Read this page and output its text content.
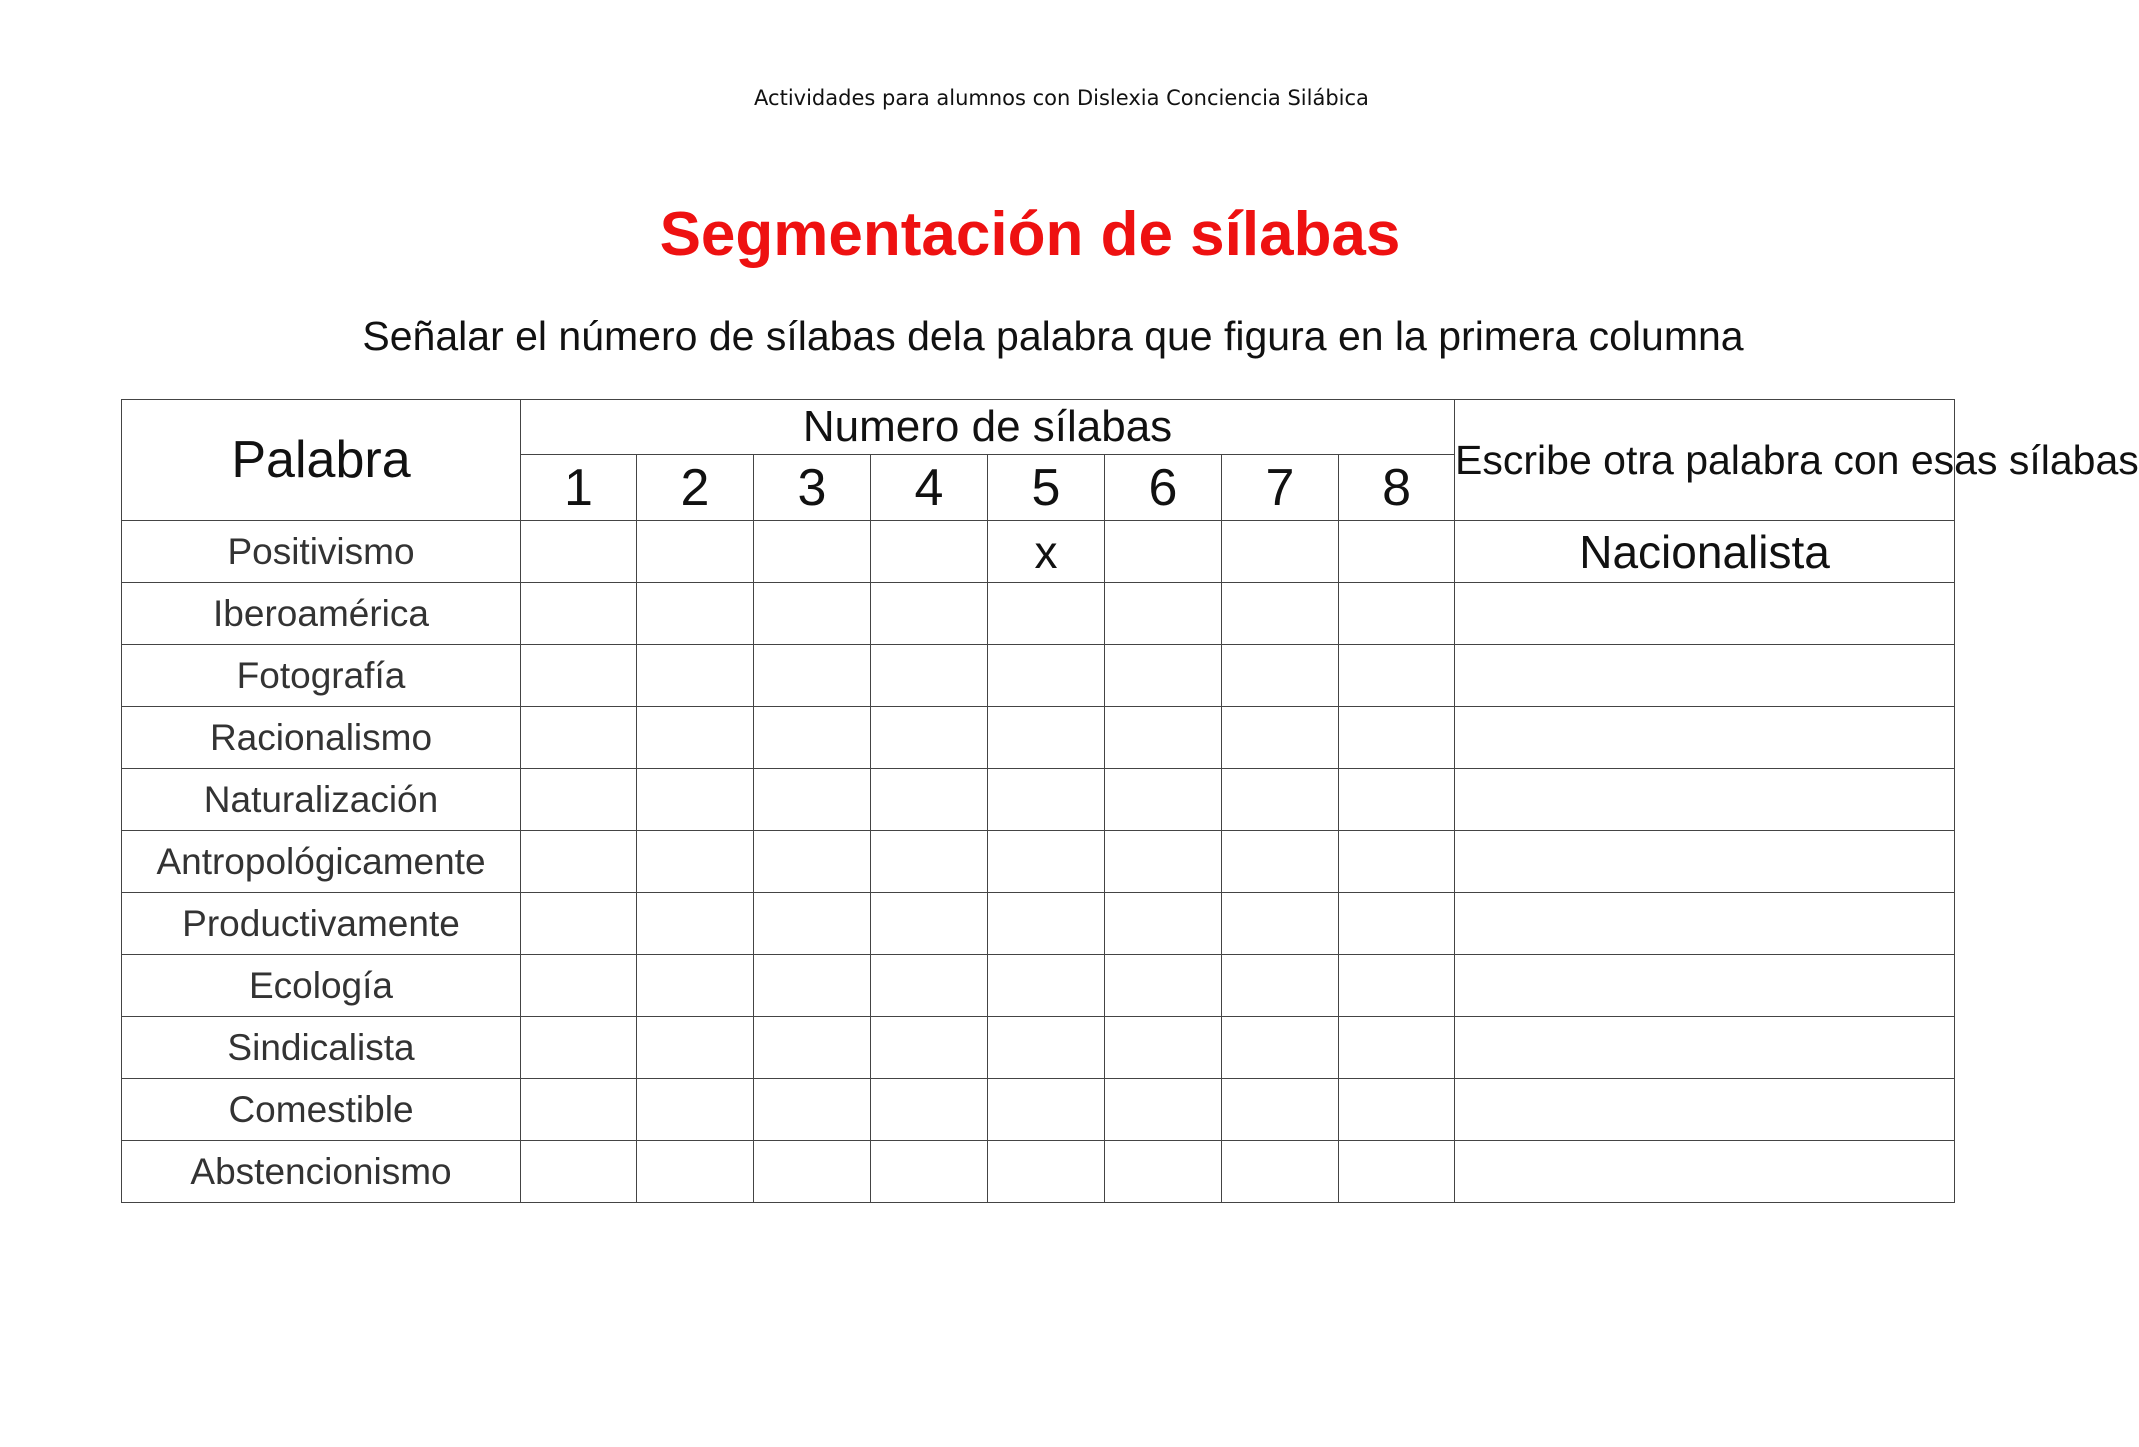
Actividades para alumnos con Dislexia Conciencia Silábica
Segmentación de sílabas
Señalar el número de sílabas dela palabra que figura en la primera columna
Palabra	Numero de sílabas								Escribe otra palabra con esas sílabas
	1	2	3	4	5	6	7	8	
Positivismo					x				Nacionalista
Iberoamérica									
Fotografía									
Racionalismo									
Naturalización									
Antropológicamente									
Productivamente									
Ecología									
Sindicalista									
Comestible									
Abstencionismo									
